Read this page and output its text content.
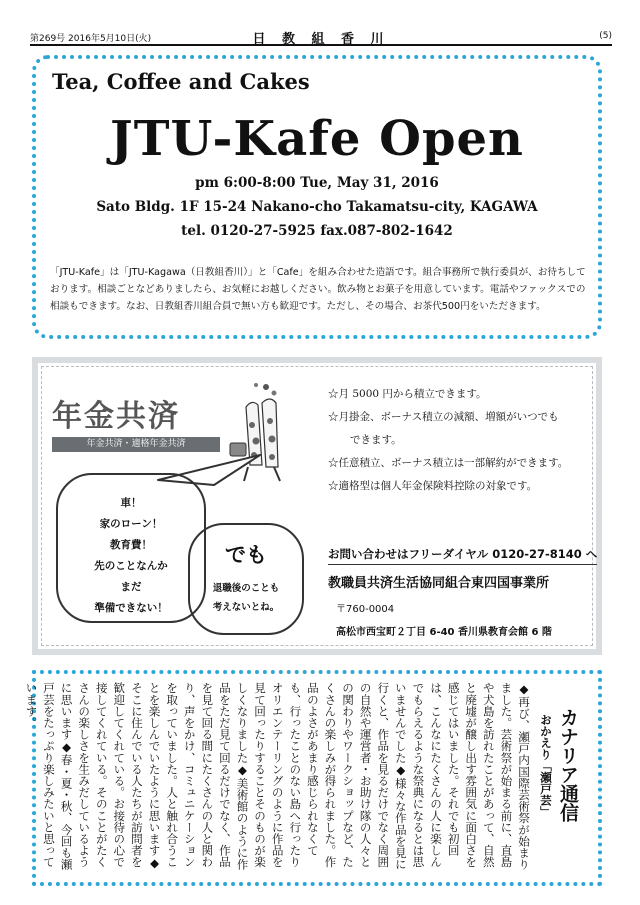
第269号 2016年5月10日(火)	日 教 組 香 川	(5)
Tea, Coffee and Cakes
JTU-Kafe Open
pm 6:00-8:00 Tue, May 31, 2016
Sato Bldg. 1F 15-24 Nakano-cho Takamatsu-city, KAGAWA
tel. 0120-27-5925 fax.087-802-1642

「JTU-Kafe」は「JTU-Kagawa（日教組香川）」と「Cafe」を組み合わせた造語です。組合事務所で執行委員が、お待ちしております。相談ごとなどありましたら、お気軽にお越しください。飲み物とお菓子を用意しています。電話やファックスでの相談もできます。なお、日教組香川組合員で無い方も歓迎です。ただし、その場合、お茶代500円をいただきます。

年金共済
年金共済・適格年金共済
車！
家のローン！
教育費！
先のことなんか
まだ
準備できない！
でも
退職後のことも
考えないとね。
☆月 5000 円から積立できます。
☆月掛金、ボーナス積立の減額、増額がいつでも
できます。
☆任意積立、ボーナス積立は一部解約ができます。
☆適格型は個人年金保険料控除の対象です。
お問い合わせはフリーダイヤル 0120-27-8140 へ
教職員共済生活協同組合東四国事業所
〒760-0004
高松市西宝町２丁目 6-40 香川県教育会館 6 階

◆再び、瀬戸内国際芸術祭が始まりました。芸術祭が始まる前に、直島や犬島を訪れたことがあって、自然と廃墟が醸し出す雰囲気に面白さを感じてはいました。それでも初回は、こんなにたくさんの人に楽しんでもらえるような祭典になるとは思いませんでした◆様々な作品を見に行くと、作品を見るだけでなく周囲の自然や運営者・お助け隊の人々との関わりやワークショップなど、たくさんの楽しみが得られました。作品のよさがあまり感じられなくても、行ったことのない島へ行ったりオリエンテーリングのように作品を見て回ったりすることそのものが楽しくなりました◆美術館のように作品をただ見て回るだけでなく、作品を見て回る間にたくさんの人と関わり、声をかけ、コミュニケーションを取っていました。人と触れ合うことを楽しんでいたように思います◆そこに住んでいる人たちが訪問者を歓迎してくれている。お接待の心で接してくれている。そのことがたくさんの楽しさを生みだしているように思います◆春・夏・秋、今回も瀬戸芸をたっぷり楽しみたいと思っています。

カナリア通信
おかえり「瀬戸芸」
